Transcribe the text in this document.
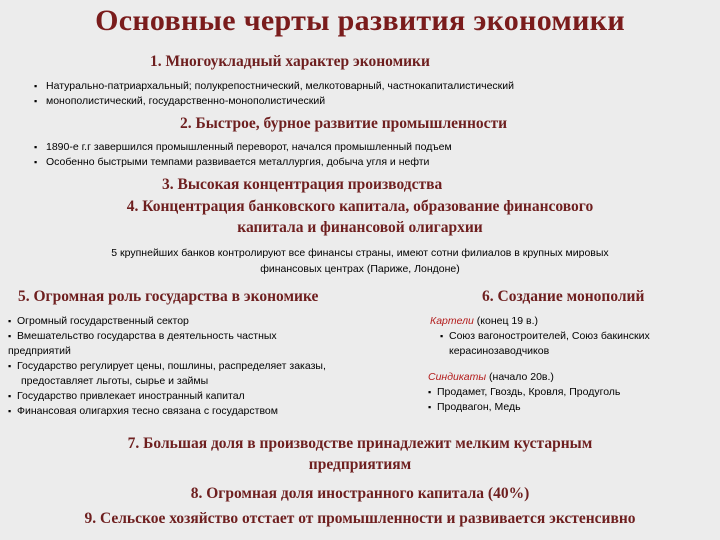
Основные черты развития экономики
1. Многоукладный характер экономики
▪ Натурально-патриархальный; полукрепостнический, мелкотоварный, частнокапиталистический
▪ монополистический, государственно-монополистический
2. Быстрое, бурное развитие промышленности
▪ 1890-е г.г завершился промышленный переворот, начался промышленный подъем
▪ Особенно быстрыми темпами развивается металлургия, добыча угля и нефти
3. Высокая концентрация производства
4. Концентрация банковского капитала, образование финансового
капитала и финансовой олигархии
5 крупнейших банков контролируют все финансы страны, имеют сотни филиалов в крупных мировых
финансовых центрах (Париже, Лондоне)
5. Огромная роль государства в экономике
▪ Огромный государственный сектор
▪ Вмешательство государства в деятельность частных
предприятий
▪ Государство регулирует цены, пошлины, распределяет заказы,
предоставляет льготы, сырье и займы
▪ Государство привлекает иностранный капитал
▪ Финансовая олигархия тесно связана с государством
6. Создание монополий
Картели (конец 19 в.)
▪ Союз вагоностроителей, Союз бакинских
керасинозаводчиков
Синдикаты (начало 20в.)
▪ Продамет, Гвоздь, Кровля, Продуголь
▪ Продвагон, Медь
7. Большая доля в производстве принадлежит мелким кустарным
предприятиям
8. Огромная доля иностранного капитала (40%)
9. Сельское хозяйство отстает от промышленности и развивается экстенсивно
